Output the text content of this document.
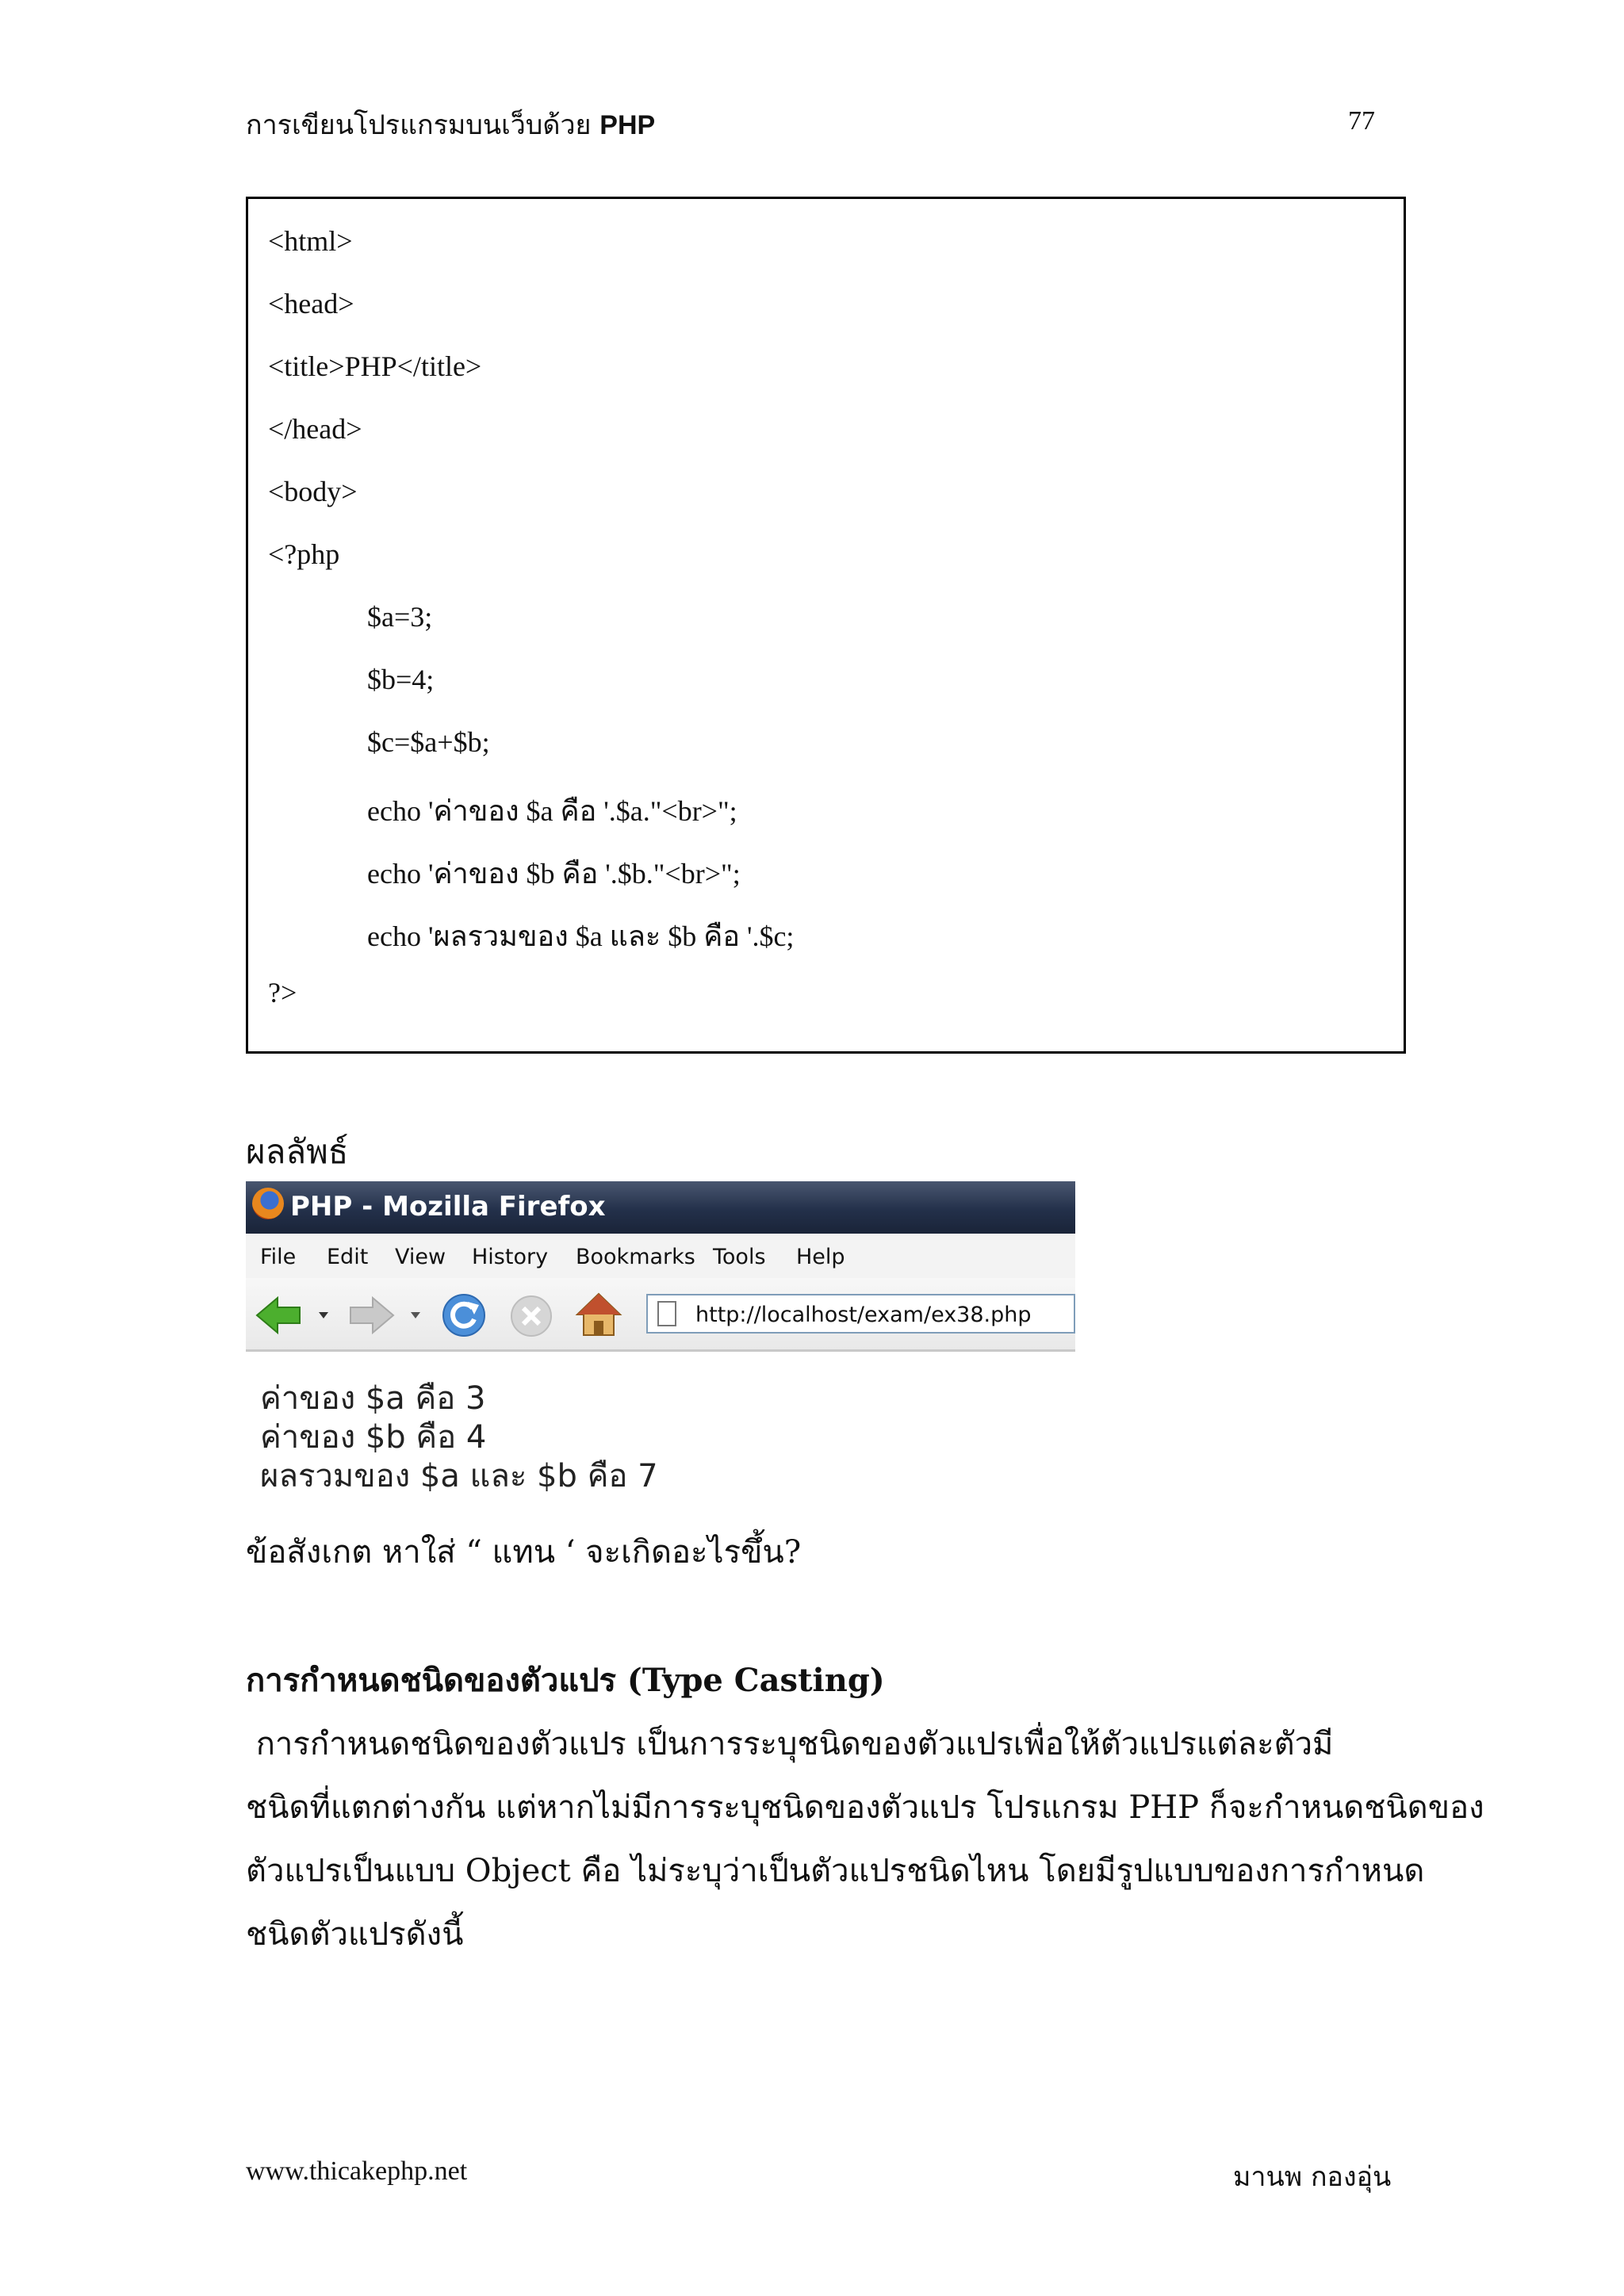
การเขียนโปรแกรมบนเว็บด้วย PHP	77
<html>
<head>
<title>PHP</title>
</head>
<body>
<?php
$a=3;
$b=4;
$c=$a+$b;
echo 'ค่าของ $a คือ '.$a."<br>";
echo 'ค่าของ $b คือ '.$b."<br>";
echo 'ผลรวมของ $a และ $b คือ '.$c;
?>
ผลลัพธ์
PHP - Mozilla Firefox
File Edit View History Bookmarks Tools Help
http://localhost/exam/ex38.php
ค่าของ $a คือ 3
ค่าของ $b คือ 4
ผลรวมของ $a และ $b คือ 7
ข้อสังเกต หาใส่ “ แทน ‘ จะเกิดอะไรขึ้น?
การกำหนดชนิดของตัวแปร (Type Casting)
การกำหนดชนิดของตัวแปร เป็นการระบุชนิดของตัวแปรเพื่อให้ตัวแปรแต่ละตัวมี
ชนิดที่แตกต่างกัน แต่หากไม่มีการระบุชนิดของตัวแปร โปรแกรม PHP ก็จะกำหนดชนิดของ
ตัวแปรเป็นแบบ Object คือ ไม่ระบุว่าเป็นตัวแปรชนิดไหน โดยมีรูปแบบของการกำหนด
ชนิดตัวแปรดังนี้
www.thicakephp.net	มานพ กองอุ่น
